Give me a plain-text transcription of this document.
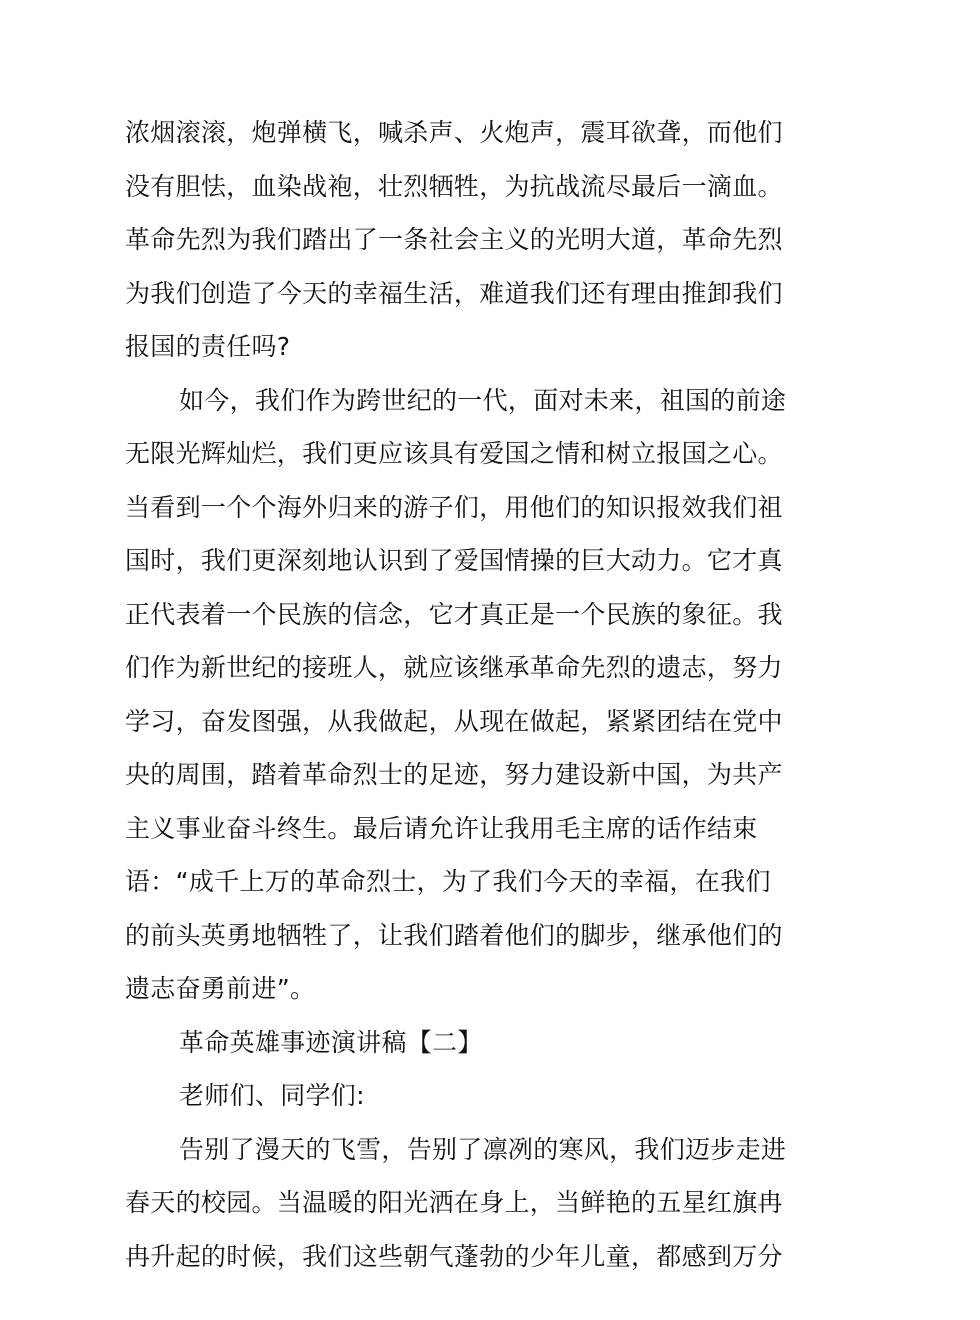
浓烟滚滚，炮弹横飞，喊杀声、火炮声，震耳欲聋，而他们
没有胆怯，血染战袍，壮烈牺牲，为抗战流尽最后一滴血。
革命先烈为我们踏出了一条社会主义的光明大道，革命先烈
为我们创造了今天的幸福生活，难道我们还有理由推卸我们
报国的责任吗?
如今，我们作为跨世纪的一代，面对未来，祖国的前途
无限光辉灿烂，我们更应该具有爱国之情和树立报国之心。
当看到一个个海外归来的游子们，用他们的知识报效我们祖
国时，我们更深刻地认识到了爱国情操的巨大动力。它才真
正代表着一个民族的信念，它才真正是一个民族的象征。我
们作为新世纪的接班人，就应该继承革命先烈的遗志，努力
学习，奋发图强，从我做起，从现在做起，紧紧团结在党中
央的周围，踏着革命烈士的足迹，努力建设新中国，为共产
主义事业奋斗终生。最后请允许让我用毛主席的话作结束
语：“成千上万的革命烈士，为了我们今天的幸福，在我们
的前头英勇地牺牲了，让我们踏着他们的脚步，继承他们的
遗志奋勇前进”。
革命英雄事迹演讲稿【二】
老师们、同学们:
告别了漫天的飞雪，告别了凛冽的寒风，我们迈步走进
春天的校园。当温暖的阳光洒在身上，当鲜艳的五星红旗冉
冉升起的时候，我们这些朝气蓬勃的少年儿童，都感到万分
